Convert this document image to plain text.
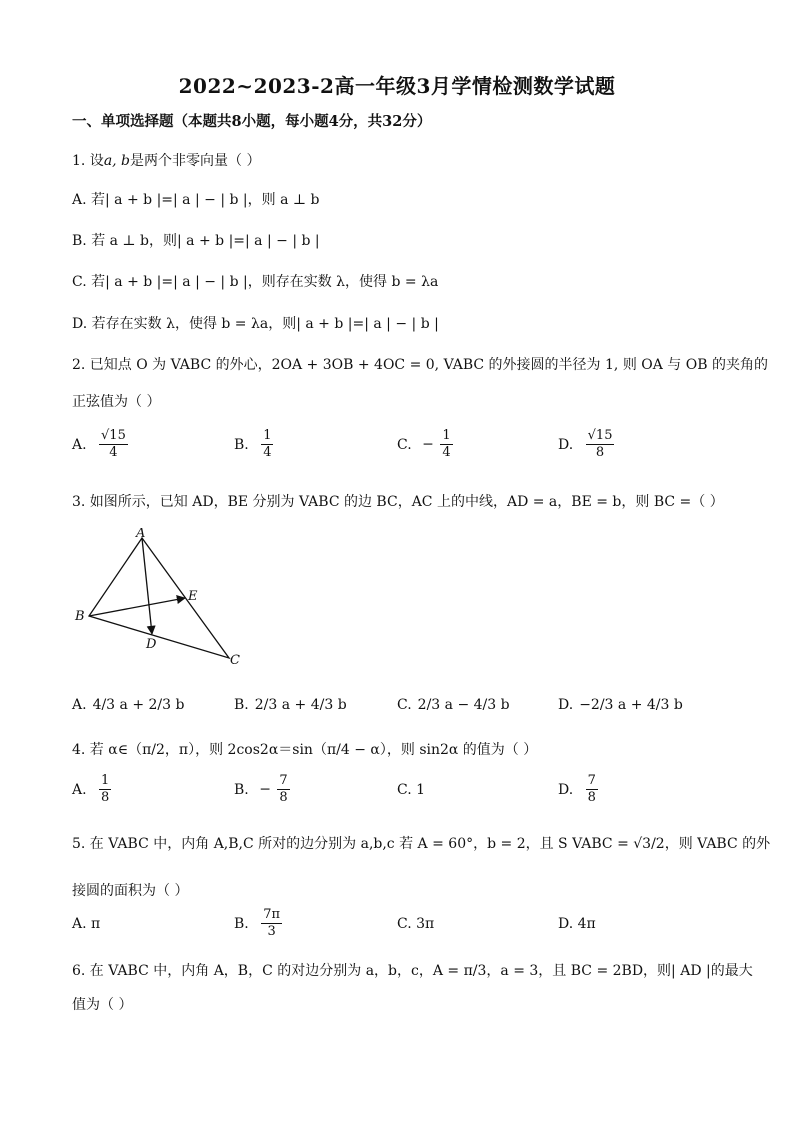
2022~2023-2高一年级3月学情检测数学试题
一、单项选择题（本题共8小题，每小题4分，共32分）
1. 设a, b是两个非零向量（ ）
A. 若| a + b |=| a | − | b |，则 a ⊥ b
B. 若 a ⊥ b，则| a + b |=| a | − | b |
C. 若| a + b |=| a | − | b |，则存在实数 λ，使得 b = λa
D. 若存在实数 λ，使得 b = λa，则| a + b |=| a | − | b |
2. 已知点 O 为 VABC 的外心，2OA + 3OB + 4OC = 0, VABC 的外接圆的半径为 1, 则 OA 与 OB 的夹角的
正弦值为（ ）
A. $\frac{√15}{4}$	B. $\frac{1}{4}$	C. − $\frac{1}{4}$	D. $\frac{√15}{8}$
3. 如图所示，已知 AD，BE 分别为 VABC 的边 BC，AC 上的中线，AD = a，BE = b，则 BC =（ ）
A
B
C
D
E
A. 4/3 a + 2/3 b	B. 2/3 a + 4/3 b	C. 2/3 a − 4/3 b	D. −2/3 a + 4/3 b
4. 若 α∈（π/2，π），则 2cos2α＝sin（π/4 − α），则 sin2α 的值为（ ）
A. $\frac{1}{8}$	B. − $\frac{7}{8}$	C. 1	D. $\frac{7}{8}$
5. 在 VABC 中，内角 A,B,C 所对的边分别为 a,b,c 若 A = 60°，b = 2，且 S VABC = √3/2，则 VABC 的外
接圆的面积为（ ）
A. π	B. $\frac{7\pi}{3}$	C. 3π	D. 4π
6. 在 VABC 中，内角 A，B，C 的对边分别为 a，b，c，A = π/3，a = 3，且 BC = 2BD，则| AD |的最大
值为（ ）
